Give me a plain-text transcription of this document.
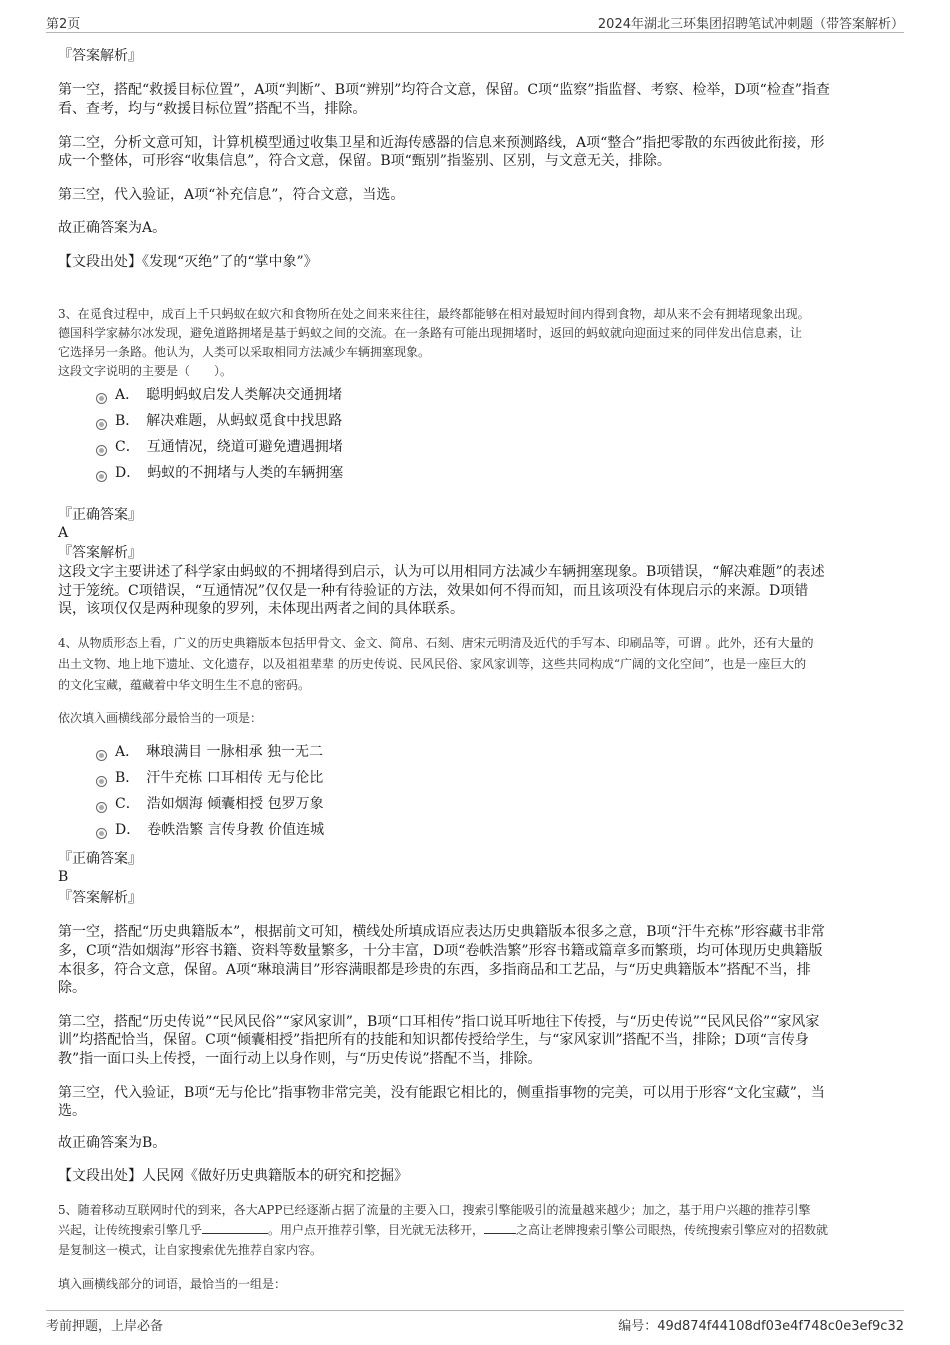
第2页	2024年湖北三环集团招聘笔试冲刺题（带答案解析）
『答案解析』
第一空，搭配“救援目标位置”，A项“判断”、B项“辨别”均符合文意，保留。C项“监察”指监督、考察、检举，D项“检查”指查
看、查考，均与“救援目标位置”搭配不当，排除。
第二空，分析文意可知，计算机模型通过收集卫星和近海传感器的信息来预测路线，A项“整合”指把零散的东西彼此衔接，形
成一个整体，可形容“收集信息”，符合文意，保留。B项“甄别”指鉴别、区别，与文意无关，排除。
第三空，代入验证，A项“补充信息”，符合文意，当选。
故正确答案为A。
【文段出处】《发现“灭绝”了的“掌中象”》
3、在觅食过程中，成百上千只蚂蚁在蚁穴和食物所在处之间来来往往，最终都能够在相对最短时间内得到食物，却从来不会有拥堵现象出现。
德国科学家赫尔冰发现，避免道路拥堵是基于蚂蚁之间的交流。在一条路有可能出现拥堵时，返回的蚂蚁就向迎面过来的同伴发出信息素，让
它选择另一条路。他认为，人类可以采取相同方法减少车辆拥塞现象。
这段文字说明的主要是（　　）。
A．　聪明蚂蚁启发人类解决交通拥堵
B．　解决难题，从蚂蚁觅食中找思路
C．　互通情况，绕道可避免遭遇拥堵
D．　蚂蚁的不拥堵与人类的车辆拥塞
『正确答案』
A
『答案解析』
这段文字主要讲述了科学家由蚂蚁的不拥堵得到启示，认为可以用相同方法减少车辆拥塞现象。B项错误，“解决难题”的表述
过于笼统。C项错误，“互通情况”仅仅是一种有待验证的方法，效果如何不得而知，而且该项没有体现启示的来源。D项错
误，该项仅仅是两种现象的罗列，未体现出两者之间的具体联系。
4、从物质形态上看，广义的历史典籍版本包括甲骨文、金文、简帛、石刻、唐宋元明清及近代的手写本、印刷品等，可谓 。此外，还有大量的
出土文物、地上地下遗址、文化遗存，以及祖祖辈辈 的历史传说、民风民俗、家风家训等，这些共同构成“广阔的文化空间”，也是一座巨大的
的文化宝藏，蕴藏着中华文明生生不息的密码。
依次填入画横线部分最恰当的一项是：
A．　琳琅满目 一脉相承 独一无二
B．　汗牛充栋 口耳相传 无与伦比
C．　浩如烟海 倾囊相授 包罗万象
D．　卷帙浩繁 言传身教 价值连城
『正确答案』
B
『答案解析』
第一空，搭配“历史典籍版本”，根据前文可知，横线处所填成语应表达历史典籍版本很多之意，B项“汗牛充栋”形容藏书非常
多，C项“浩如烟海”形容书籍、资料等数量繁多，十分丰富，D项“卷帙浩繁”形容书籍或篇章多而繁琐，均可体现历史典籍版
本很多，符合文意，保留。A项“琳琅满目”形容满眼都是珍贵的东西，多指商品和工艺品，与“历史典籍版本”搭配不当，排
除。
第二空，搭配“历史传说”“民风民俗”“家风家训”，B项“口耳相传”指口说耳听地往下传授，与“历史传说”“民风民俗”“家风家
训”均搭配恰当，保留。C项“倾囊相授”指把所有的技能和知识都传授给学生，与“家风家训”搭配不当，排除；D项“言传身
教”指一面口头上传授，一面行动上以身作则，与“历史传说”搭配不当，排除。
第三空，代入验证，B项“无与伦比”指事物非常完美，没有能跟它相比的，侧重指事物的完美，可以用于形容“文化宝藏”，当
选。
故正确答案为B。
【文段出处】人民网《做好历史典籍版本的研究和挖掘》
5、随着移动互联网时代的到来，各大APP已经逐渐占据了流量的主要入口，搜索引擎能吸引的流量越来越少；加之，基于用户兴趣的推荐引擎
兴起，让传统搜索引擎几乎	。用户点开推荐引擎，目光就无法移开，	之高让老牌搜索引擎公司眼热，传统搜索引擎应对的招数就
是复制这一模式，让自家搜索优先推荐自家内容。
填入画横线部分的词语，最恰当的一组是：
考前押题，上岸必备	编号：49d874f44108df03e4f748c0e3ef9c32
